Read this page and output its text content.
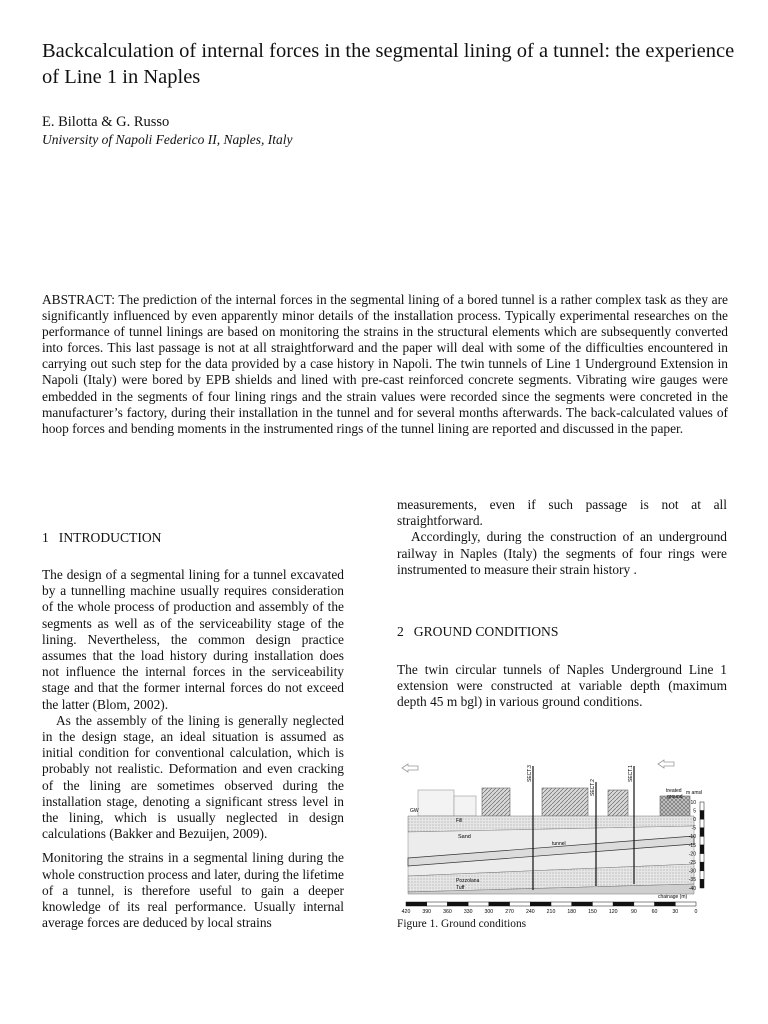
Backcalculation of internal forces in the segmental lining of a tunnel: the experience of Line 1 in Naples
E. Bilotta & G. Russo
University of Napoli Federico II, Naples, Italy
ABSTRACT: The prediction of the internal forces in the segmental lining of a bored tunnel is a rather complex task as they are significantly influenced by even apparently minor details of the installation process. Typically experimental researches on the performance of tunnel linings are based on monitoring the strains in the structural elements which are subsequently converted into forces. This last passage is not at all straightforward and the paper will deal with some of the difficulties encountered in carrying out such step for the data provided by a case history in Napoli. The twin tunnels of Line 1 Underground Extension in Napoli (Italy) were bored by EPB shields and lined with pre-cast reinforced concrete segments. Vibrating wire gauges were embedded in the segments of four lining rings and the strain values were recorded since the segments were concreted in the manufacturer’s factory, during their installation in the tunnel and for several months afterwards. The back-calculated values of hoop forces and bending moments in the instrumented rings of the tunnel lining are reported and discussed in the paper.
1 INTRODUCTION

The design of a segmental lining for a tunnel excavated by a tunnelling machine usually requires consideration of the whole process of production and assembly of the segments as well as of the serviceability stage of the lining. Nevertheless, the common design practice assumes that the load history during installation does not influence the internal forces in the serviceability stage and that the former internal forces do not exceed the latter (Blom, 2002).

As the assembly of the lining is generally neglected in the design stage, an ideal situation is assumed as initial condition for conventional calculation, which is probably not realistic. Deformation and even cracking of the lining are sometimes observed during the installation stage, denoting a significant stress level in the lining, which is usually neglected in design calculations (Bakker and Bezuijen, 2009).

Monitoring the strains in a segmental lining during the whole construction process and later, during the lifetime of a tunnel, is therefore useful to gain a deeper knowledge of its real performance. Usually internal average forces are deduced by local strains

measurements, even if such passage is not at all straightforward.

Accordingly, during the construction of an underground railway in Naples (Italy) the segments of four rings were instrumented to measure their strain history .

2 GROUND CONDITIONS

The twin circular tunnels of Naples Underground Line 1 extension were constructed at variable depth (maximum depth 45 m bgl) in various ground conditions.

SECT.3
SECT.2
SECT.1
GW
Fill
Sand
tunnel
Pozzolana
Tuff
treated
ground
m amsl
10
5
0
-5
-10
-15
-20
-25
-30
-35
-40
420 390 360 330 300 270 240 210 180 150 120	90	60	30	0
chainage (m)
Figure 1. Ground conditions
